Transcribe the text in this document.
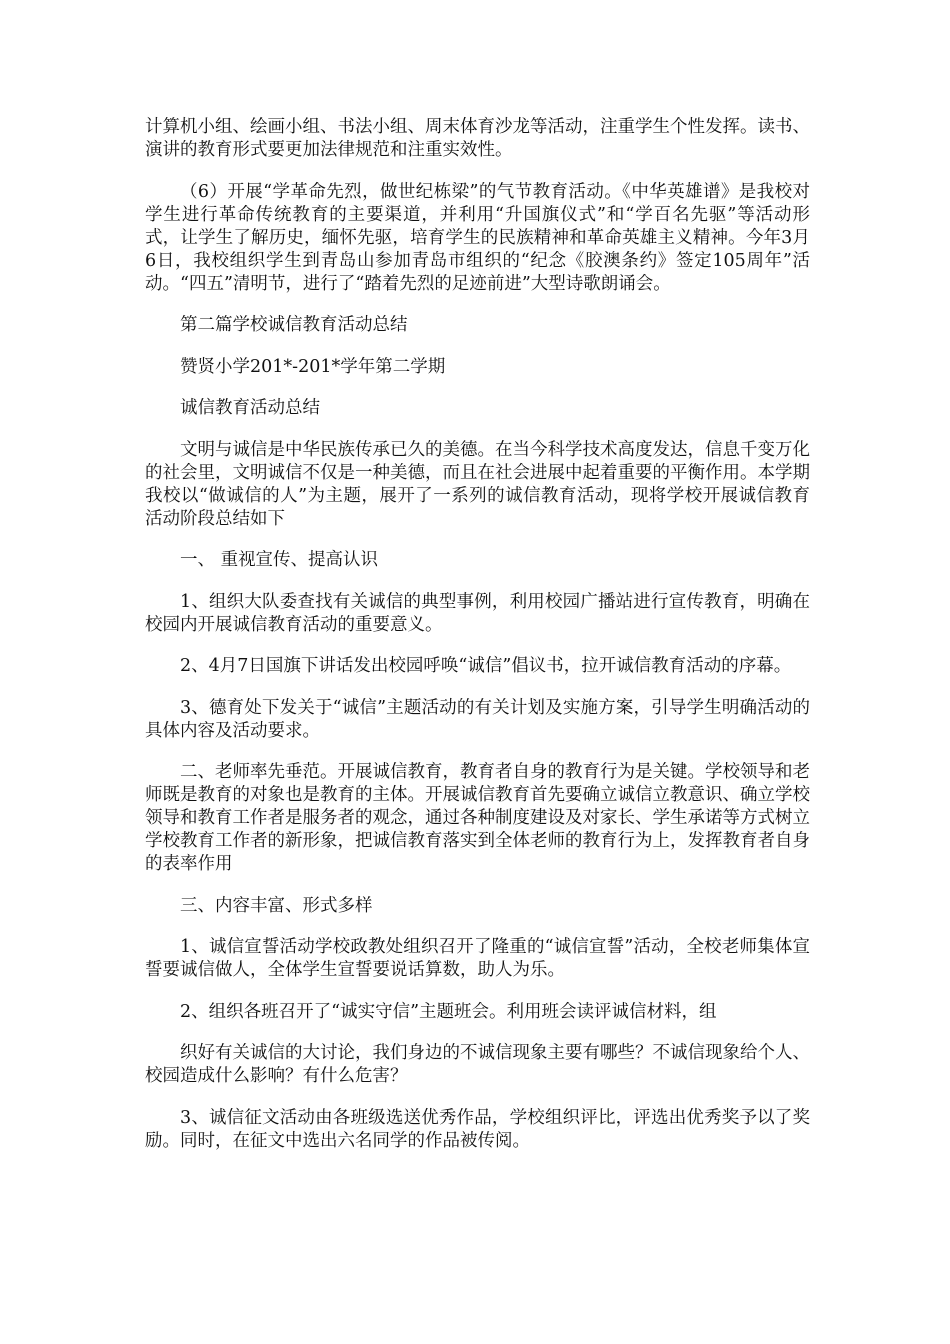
计算机小组、绘画小组、书法小组、周末体育沙龙等活动，注重学生个性发挥。读书、演讲的教育形式要更加法律规范和注重实效性。

（6）开展“学革命先烈，做世纪栋梁”的气节教育活动。《中华英雄谱》是我校对学生进行革命传统教育的主要渠道，并利用“升国旗仪式”和“学百名先驱”等活动形式，让学生了解历史，缅怀先驱，培育学生的民族精神和革命英雄主义精神。今年3月6日，我校组织学生到青岛山参加青岛市组织的“纪念《胶澳条约》签定105周年”活动。“四五”清明节，进行了“踏着先烈的足迹前进”大型诗歌朗诵会。

第二篇学校诚信教育活动总结

赞贤小学201*-201*学年第二学期

诚信教育活动总结

文明与诚信是中华民族传承已久的美德。在当今科学技术高度发达，信息千变万化的社会里，文明诚信不仅是一种美德，而且在社会进展中起着重要的平衡作用。本学期我校以“做诚信的人”为主题，展开了一系列的诚信教育活动，现将学校开展诚信教育活动阶段总结如下

一、 重视宣传、提高认识

1、组织大队委查找有关诚信的典型事例，利用校园广播站进行宣传教育，明确在校园内开展诚信教育活动的重要意义。

2、4月7日国旗下讲话发出校园呼唤“诚信”倡议书，拉开诚信教育活动的序幕。

3、德育处下发关于“诚信”主题活动的有关计划及实施方案，引导学生明确活动的具体内容及活动要求。

二、老师率先垂范。开展诚信教育，教育者自身的教育行为是关键。学校领导和老师既是教育的对象也是教育的主体。开展诚信教育首先要确立诚信立教意识、确立学校领导和教育工作者是服务者的观念，通过各种制度建设及对家长、学生承诺等方式树立学校教育工作者的新形象，把诚信教育落实到全体老师的教育行为上，发挥教育者自身的表率作用

三、内容丰富、形式多样

1、诚信宣誓活动学校政教处组织召开了隆重的“诚信宣誓”活动，全校老师集体宣誓要诚信做人，全体学生宣誓要说话算数，助人为乐。

2、组织各班召开了“诚实守信”主题班会。利用班会读评诚信材料，组

织好有关诚信的大讨论，我们身边的不诚信现象主要有哪些？不诚信现象给个人、校园造成什么影响？有什么危害？

3、诚信征文活动由各班级选送优秀作品，学校组织评比，评选出优秀奖予以了奖励。同时，在征文中选出六名同学的作品被传阅。
